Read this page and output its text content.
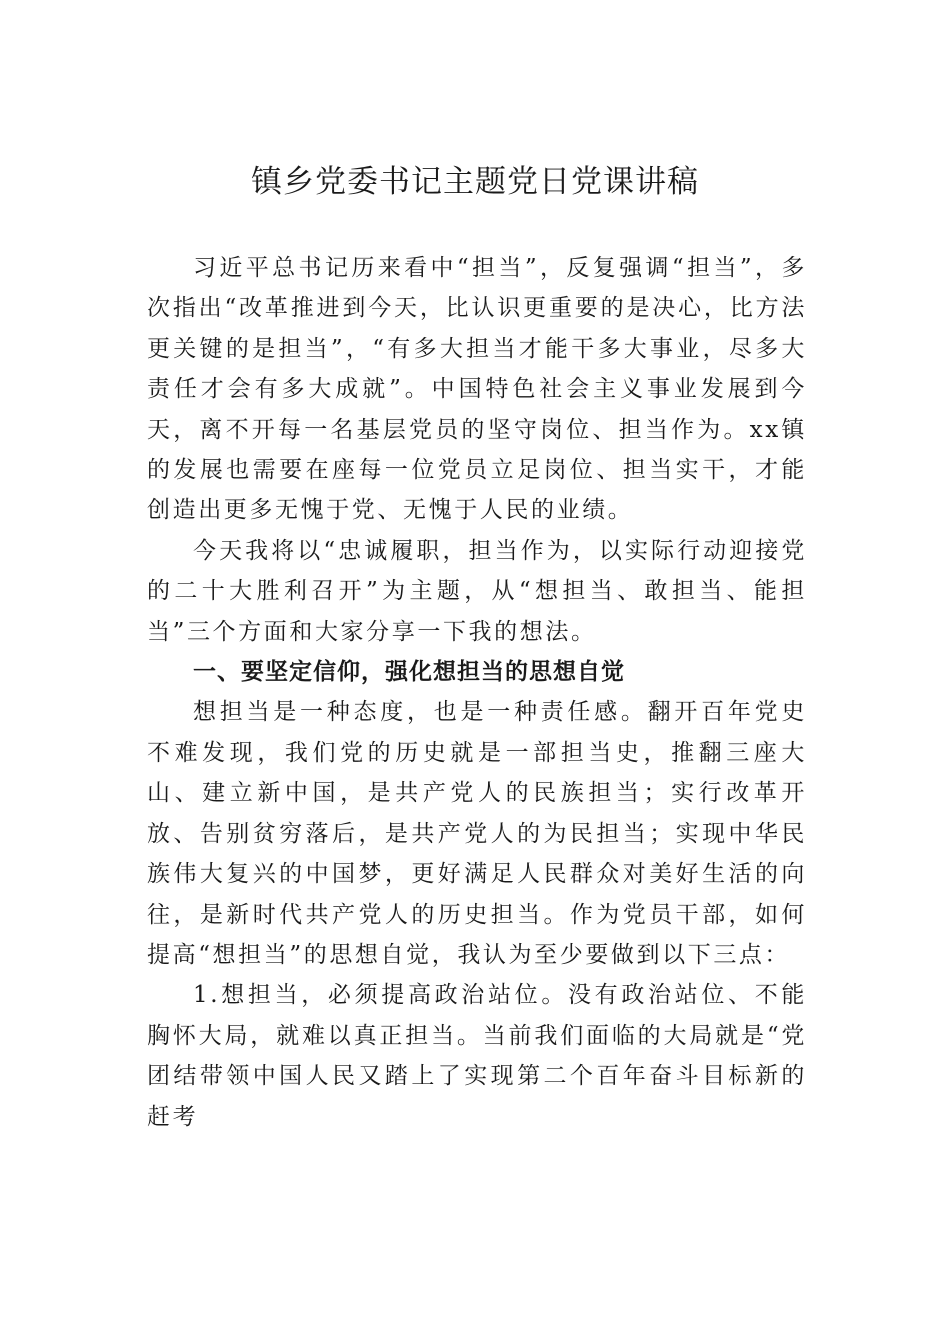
镇乡党委书记主题党日党课讲稿

习近平总书记历来看中“担当”，反复强调“担当”，多次指出“改革推进到今天，比认识更重要的是决心，比方法更关键的是担当”，“有多大担当才能干多大事业，尽多大责任才会有多大成就”。中国特色社会主义事业发展到今天，离不开每一名基层党员的坚守岗位、担当作为。xx镇的发展也需要在座每一位党员立足岗位、担当实干，才能创造出更多无愧于党、无愧于人民的业绩。

今天我将以“忠诚履职，担当作为，以实际行动迎接党的二十大胜利召开”为主题，从“想担当、敢担当、能担当”三个方面和大家分享一下我的想法。

一、要坚定信仰，强化想担当的思想自觉

想担当是一种态度，也是一种责任感。翻开百年党史不难发现，我们党的历史就是一部担当史，推翻三座大山、建立新中国，是共产党人的民族担当；实行改革开放、告别贫穷落后，是共产党人的为民担当；实现中华民族伟大复兴的中国梦，更好满足人民群众对美好生活的向往，是新时代共产党人的历史担当。作为党员干部，如何提高“想担当”的思想自觉，我认为至少要做到以下三点：

1.想担当，必须提高政治站位。没有政治站位、不能胸怀大局，就难以真正担当。当前我们面临的大局就是“党团结带领中国人民又踏上了实现第二个百年奋斗目标新的赶考
